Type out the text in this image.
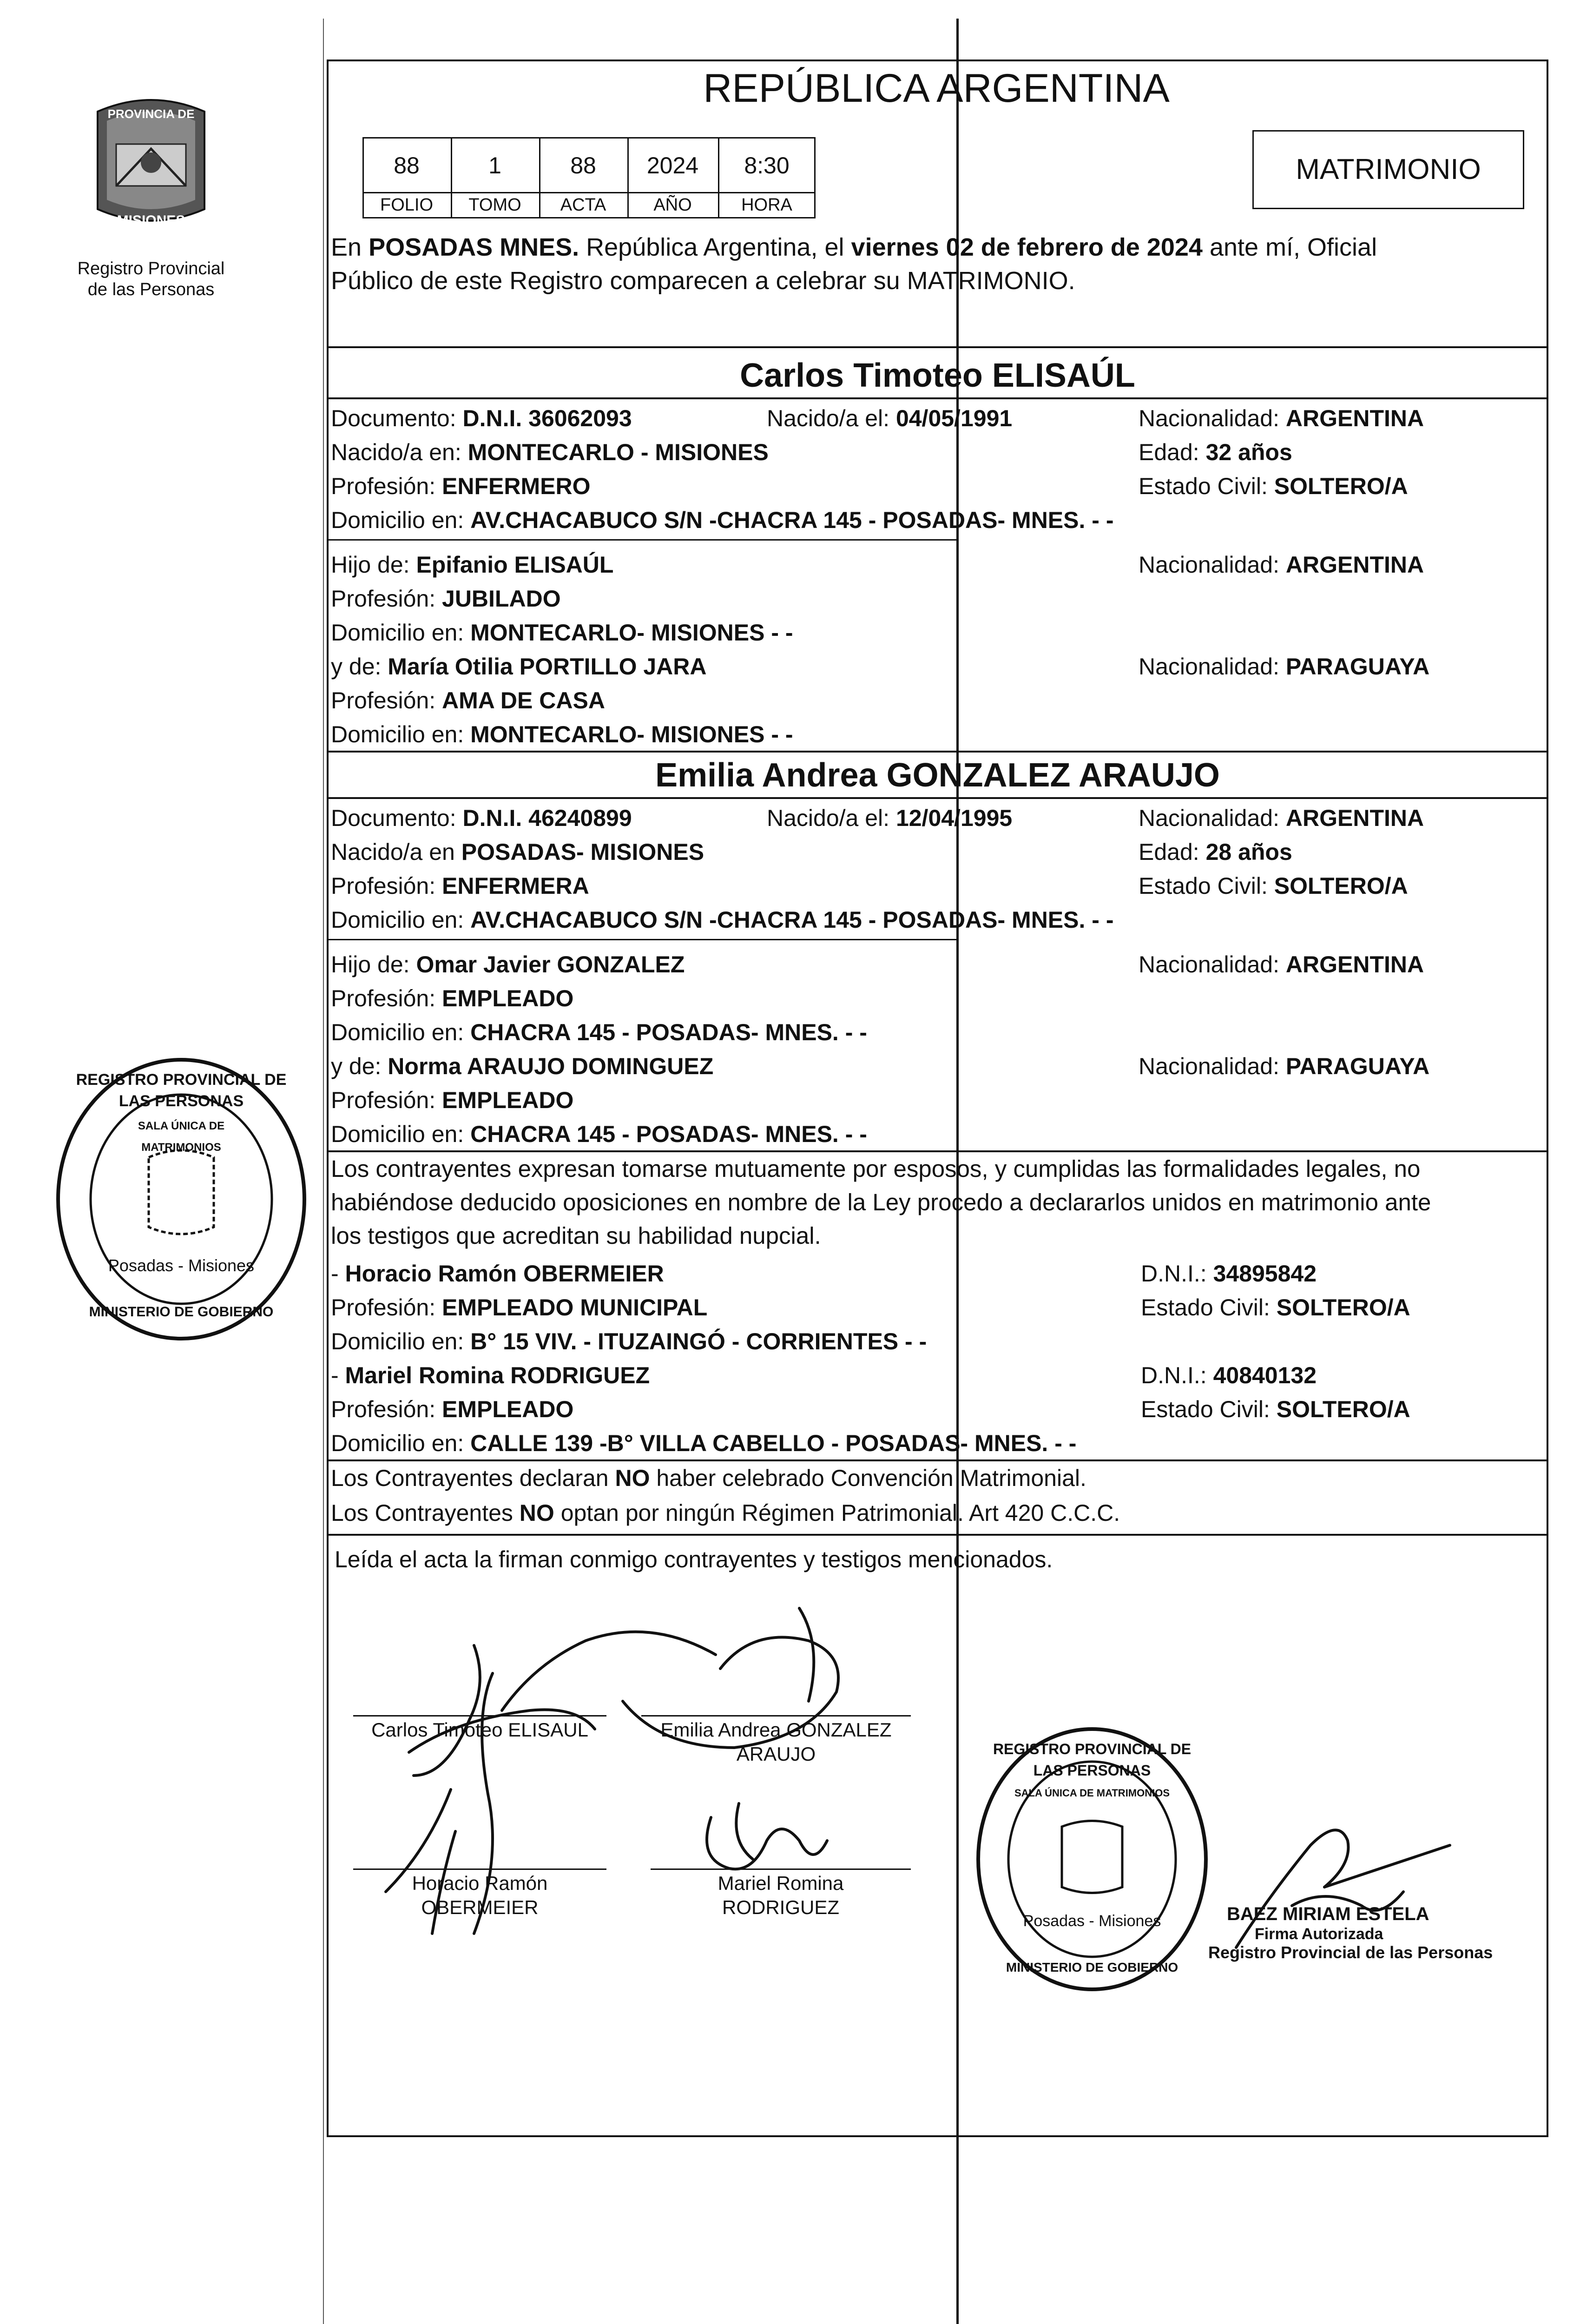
PROVINCIA DE
MISIONES
Registro Provincial
de las Personas
REPÚBLICA ARGENTINA
88	1	88	2024	8:30
FOLIO	TOMO	ACTA	AÑO	HORA
MATRIMONIO
En POSADAS MNES. República Argentina, el viernes 02 de febrero de 2024 ante mí, Oficial
Público de este Registro comparecen a celebrar su MATRIMONIO.
Carlos Timoteo ELISAÚL
Documento: D.N.I. 36062093	Nacido/a el: 04/05/1991	Nacionalidad: ARGENTINA
Nacido/a en: MONTECARLO - MISIONES	Edad: 32 años
Profesión: ENFERMERO	Estado Civil: SOLTERO/A
Domicilio en: AV.CHACABUCO S/N -CHACRA 145 - POSADAS- MNES. - -
Hijo de: Epifanio ELISAÚL	Nacionalidad: ARGENTINA
Profesión: JUBILADO
Domicilio en: MONTECARLO- MISIONES - -
y de: María Otilia PORTILLO JARA	Nacionalidad: PARAGUAYA
Profesión: AMA DE CASA
Domicilio en: MONTECARLO- MISIONES - -
Emilia Andrea GONZALEZ ARAUJO
Documento: D.N.I. 46240899	Nacido/a el: 12/04/1995	Nacionalidad: ARGENTINA
Nacido/a en POSADAS- MISIONES	Edad: 28 años
Profesión: ENFERMERA	Estado Civil: SOLTERO/A
Domicilio en: AV.CHACABUCO S/N -CHACRA 145 - POSADAS- MNES. - -
Hijo de: Omar Javier GONZALEZ	Nacionalidad: ARGENTINA
Profesión: EMPLEADO
Domicilio en: CHACRA 145 - POSADAS- MNES. - -
y de: Norma ARAUJO DOMINGUEZ	Nacionalidad: PARAGUAYA
Profesión: EMPLEADO
Domicilio en: CHACRA 145 - POSADAS- MNES. - -
Los contrayentes expresan tomarse mutuamente por esposos, y cumplidas las formalidades legales, no
habiéndose deducido oposiciones en nombre de la Ley procedo a declararlos unidos en matrimonio ante
los testigos que acreditan su habilidad nupcial.
- Horacio Ramón OBERMEIER	D.N.I.: 34895842
Profesión: EMPLEADO MUNICIPAL	Estado Civil: SOLTERO/A
Domicilio en: B° 15 VIV. - ITUZAINGÓ - CORRIENTES - -
- Mariel Romina RODRIGUEZ	D.N.I.: 40840132
Profesión: EMPLEADO	Estado Civil: SOLTERO/A
Domicilio en: CALLE 139 -B° VILLA CABELLO - POSADAS- MNES. - -
Los Contrayentes declaran NO haber celebrado Convención Matrimonial.
Los Contrayentes NO optan por ningún Régimen Patrimonial. Art 420 C.C.C.
Leída el acta la firman conmigo contrayentes y testigos mencionados.
Carlos Timoteo ELISAUL	Emilia Andrea GONZALEZ
ARAUJO
Horacio Ramón
OBERMEIER
Mariel Romina
RODRIGUEZ
REGISTRO PROVINCIAL DE LAS PERSONAS
SALA ÚNICA DE MATRIMONIOS
Posadas - Misiones
MINISTERIO DE GOBIERNO
REGISTRO PROVINCIAL DE LAS PERSONAS
SALA ÚNICA DE MATRIMONIOS
Posadas - Misiones
MINISTERIO DE GOBIERNO
BAEZ MIRIAM ESTELA
Firma Autorizada
Registro Provincial de las Personas
